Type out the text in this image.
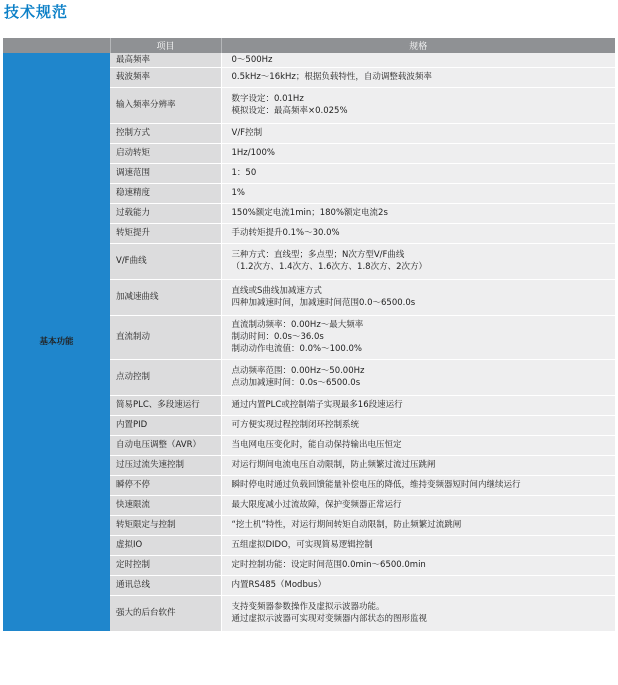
技术规范
	项目	规格
基本功能	最高频率	0～500Hz

	载波频率	0.5kHz～16kHz；根据负载特性，自动调整载波频率

	输入频率分辨率	数字设定：0.01Hz
模拟设定：最高频率×0.025%

	控制方式	V/F控制

	启动转矩	1Hz/100%

	调速范围	1：50

	稳速精度	1%

	过载能力	150%额定电流1min；180%额定电流2s

	转矩提升	手动转矩提升0.1%～30.0%

	V/F曲线	三种方式：直线型；多点型；N次方型V/F曲线
（1.2次方、1.4次方、1.6次方、1.8次方、2次方）

	加减速曲线	直线或S曲线加减速方式
四种加减速时间，加减速时间范围0.0～6500.0s

	直流制动	直流制动频率：0.00Hz～最大频率
制动时间：0.0s～36.0s
制动动作电流值：0.0%～100.0%

	点动控制	点动频率范围：0.00Hz～50.00Hz
点动加减速时间：0.0s～6500.0s

	简易PLC、多段速运行	通过内置PLC或控制端子实现最多16段速运行

	内置PID	可方便实现过程控制闭环控制系统

	自动电压调整（AVR）	当电网电压变化时，能自动保持输出电压恒定

	过压过流失速控制	对运行期间电流电压自动限制，防止频繁过流过压跳闸

	瞬停不停	瞬时停电时通过负载回馈能量补偿电压的降低，维持变频器短时间内继续运行

	快速限流	最大限度减小过流故障，保护变频器正常运行

	转矩限定与控制	“挖土机”特性，对运行期间转矩自动限制，防止频繁过流跳闸

	虚拟IO	五组虚拟DIDO，可实现简易逻辑控制

	定时控制	定时控制功能：设定时间范围0.0min～6500.0min

	通讯总线	内置RS485（Modbus）

	强大的后台软件	支持变频器参数操作及虚拟示波器功能。
通过虚拟示波器可实现对变频器内部状态的图形监视
